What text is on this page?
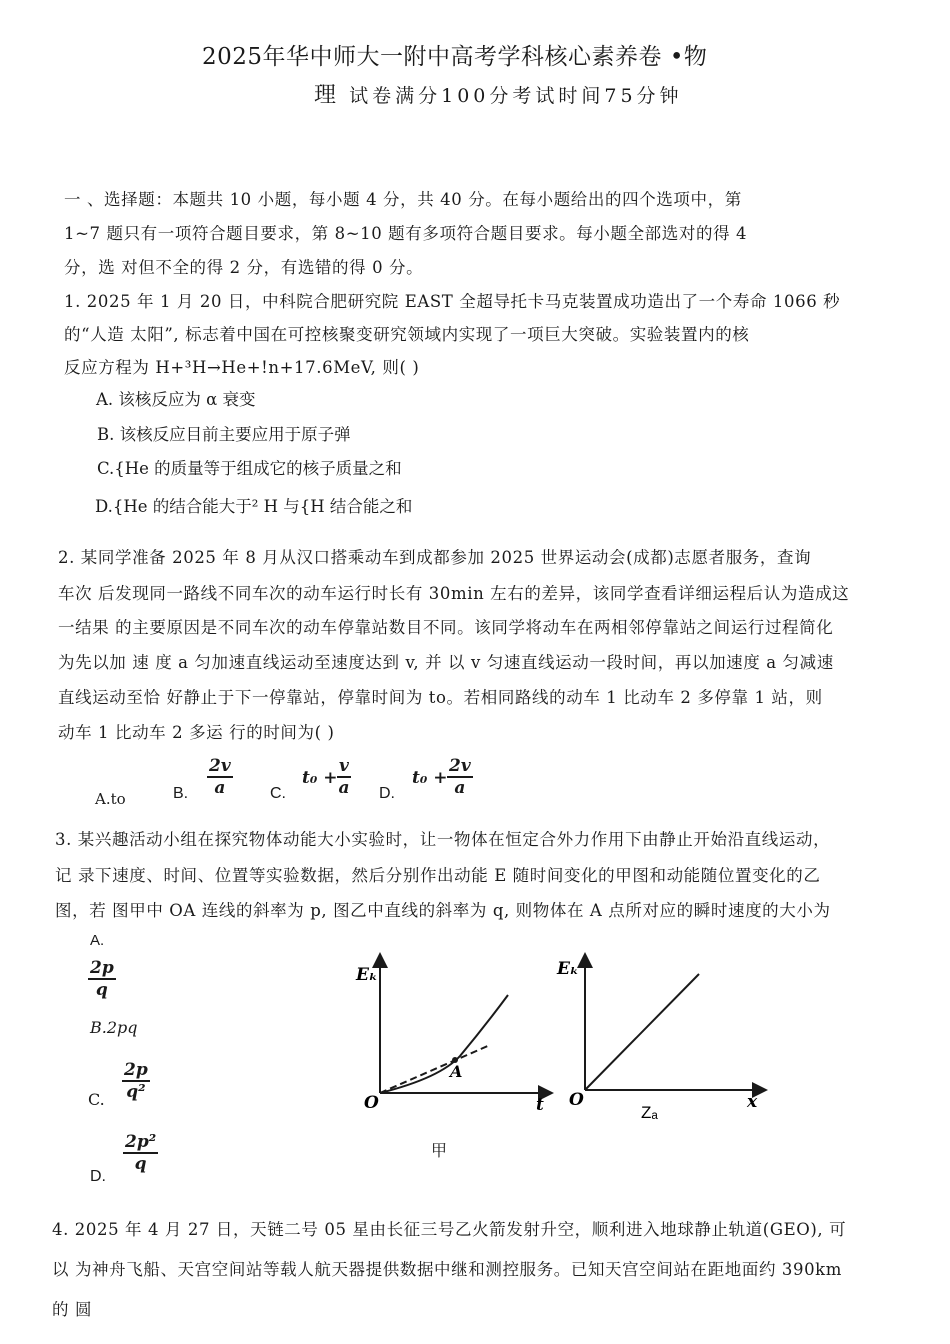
2025年华中师大一附中高考学科核心素养卷 •物
理 试卷满分100分考试时间75分钟
一 、选择题：本题共 10 小题，每小题 4 分，共 40 分。在每小题给出的四个选项中，第
1~7 题只有一项符合题目要求，第 8~10 题有多项符合题目要求。每小题全部选对的得 4
分，选 对但不全的得 2 分，有选错的得 0 分。
1. 2025 年 1 月 20 日，中科院合肥研究院 EAST 全超导托卡马克装置成功造出了一个寿命 1066 秒
的“人造 太阳”, 标志着中国在可控核聚变研究领域内实现了一项巨大突破。实验装置内的核
反应方程为 H+³H→He+!n+17.6MeV, 则( )
A. 该核反应为 α 衰变
B. 该核反应目前主要应用于原子弹
C.{He 的质量等于组成它的核子质量之和
D.{He 的结合能大于² H 与{H 结合能之和
2. 某同学准备 2025 年 8 月从汉口搭乘动车到成都参加 2025 世界运动会(成都)志愿者服务，查询
车次 后发现同一路线不同车次的动车运行时长有 30min 左右的差异，该同学查看详细运程后认为造成这
一结果 的主要原因是不同车次的动车停靠站数目不同。该同学将动车在两相邻停靠站之间运行过程简化
为先以加 速 度 a 匀加速直线运动至速度达到 v, 并 以 v 匀速直线运动一段时间，再以加速度 a 匀减速
直线运动至恰 好静止于下一停靠站，停靠时间为 to。若相同路线的动车 1 比动车 2 多停靠 1 站，则
动车 1 比动车 2 多运 行的时间为( )
A.to	B. $\frac{2v}{a} C$.
$t_0 + \frac{v}{a} D$.
$t_0 + \frac{2v}{a}$
3. 某兴趣活动小组在探究物体动能大小实验时，让一物体在恒定合外力作用下由静止开始沿直线运动，
记 录下速度、时间、位置等实验数据，然后分别作出动能 E 随时间变化的甲图和动能随位置变化的乙
图，若 图甲中 OA 连线的斜率为 p, 图乙中直线的斜率为 q, 则物体在 A 点所对应的瞬时速度的大小为
A.
$\frac{2p}{q}$
B.2pq
C. $\frac{2p}{\text{q²}}$
D.
$\frac{\text{2p²}}{q}$
Eₖ
O
A
t
甲
Eₖ
O
Zₐ
x
4. 2025 年 4 月 27 日，天链二号 05 星由长征三号乙火箭发射升空，顺利进入地球静止轨道(GEO), 可
以 为神舟飞船、天宫空间站等载人航天器提供数据中继和测控服务。已知天宫空间站在距地面约 390km
的 圆
